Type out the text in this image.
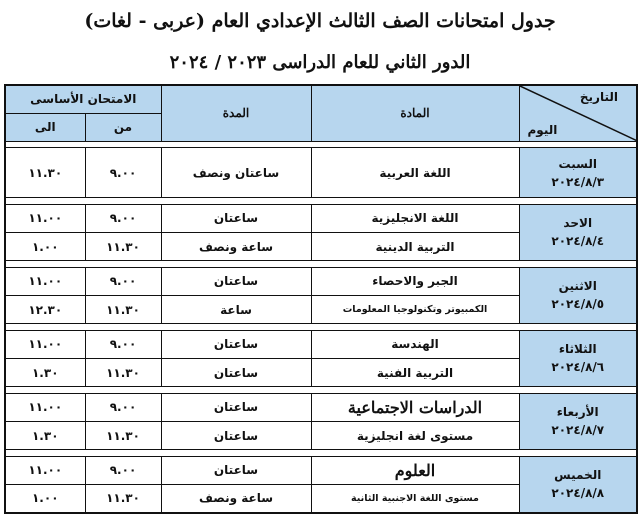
جدول امتحانات الصف الثالث الإعدادي العام (عربى - لغات)
الدور الثاني للعام الدراسى ٢٠٢٣ / ٢٠٢٤
التاريخ
اليوم	المادة	المدة	الامتحان الأساسى	
			من	الى

السبت
٢٠٢٤/٨/٣	اللغة العربية	ساعتان ونصف	٩.٠٠	١١.٣٠

الاحد
٢٠٢٤/٨/٤	اللغة الانجليزية	ساعتان	٩.٠٠	١١.٠٠
	التربية الدينية	ساعة ونصف	١١.٣٠	١.٠٠

الاثنين
٢٠٢٤/٨/٥	الجبر والاحصاء	ساعتان	٩.٠٠	١١.٠٠
	الكمبيوتر وتكنولوجيا المعلومات	ساعة	١١.٣٠	١٢.٣٠

الثلاثاء
٢٠٢٤/٨/٦	الهندسة	ساعتان	٩.٠٠	١١.٠٠
	التربية الفنية	ساعتان	١١.٣٠	١.٣٠

الأربعاء
٢٠٢٤/٨/٧	الدراسات الاجتماعية	ساعتان	٩.٠٠	١١.٠٠
	مستوى لغة انجليزية	ساعتان	١١.٣٠	١.٣٠

الخميس
٢٠٢٤/٨/٨	العلوم	ساعتان	٩.٠٠	١١.٠٠
	مستوى اللغة الاجنبية الثانية	ساعة ونصف	١١.٣٠	١.٠٠
